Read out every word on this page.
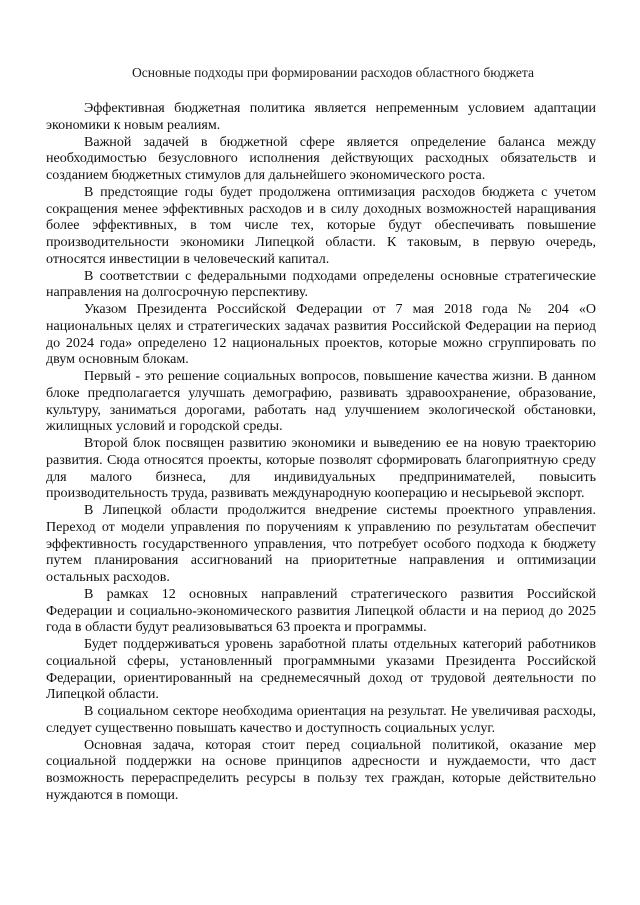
Основные подходы при формировании расходов областного бюджета

Эффективная бюджетная политика является непременным условием адаптации экономики к новым реалиям.

Важной задачей в бюджетной сфере является определение баланса между необходимостью безусловного исполнения действующих расходных обязательств и созданием бюджетных стимулов для дальнейшего экономического роста.

В предстоящие годы будет продолжена оптимизация расходов бюджета с учетом сокращения менее эффективных расходов и в силу доходных возможностей наращивания более эффективных, в том числе тех, которые будут обеспечивать повышение производительности экономики Липецкой области. К таковым, в первую очередь, относятся инвестиции в человеческий капитал.

В соответствии с федеральными подходами определены основные стратегические направления на долгосрочную перспективу.

Указом Президента Российской Федерации от 7 мая 2018 года № 204 «О национальных целях и стратегических задачах развития Российской Федерации на период до 2024 года» определено 12 национальных проектов, которые можно сгруппировать по двум основным блокам.

Первый - это решение социальных вопросов, повышение качества жизни. В данном блоке предполагается улучшать демографию, развивать здравоохранение, образование, культуру, заниматься дорогами, работать над улучшением экологической обстановки, жилищных условий и городской среды.

Второй блок посвящен развитию экономики и выведению ее на новую траекторию развития. Сюда относятся проекты, которые позволят сформировать благоприятную среду для малого бизнеса, для индивидуальных предпринимателей, повысить производительность труда, развивать международную кооперацию и несырьевой экспорт.

В Липецкой области продолжится внедрение системы проектного управления. Переход от модели управления по поручениям к управлению по результатам обеспечит эффективность государственного управления, что потребует особого подхода к бюджету путем планирования ассигнований на приоритетные направления и оптимизации остальных расходов.

В рамках 12 основных направлений стратегического развития Российской Федерации и социально-экономического развития Липецкой области и на период до 2025 года в области будут реализовываться 63 проекта и программы.

Будет поддерживаться уровень заработной платы отдельных категорий работников социальной сферы, установленный программными указами Президента Российской Федерации, ориентированный на среднемесячный доход от трудовой деятельности по Липецкой области.

В социальном секторе необходима ориентация на результат. Не увеличивая расходы, следует существенно повышать качество и доступность социальных услуг.

Основная задача, которая стоит перед социальной политикой, оказание мер социальной поддержки на основе принципов адресности и нуждаемости, что даст возможность перераспределить ресурсы в пользу тех граждан, которые действительно нуждаются в помощи.
